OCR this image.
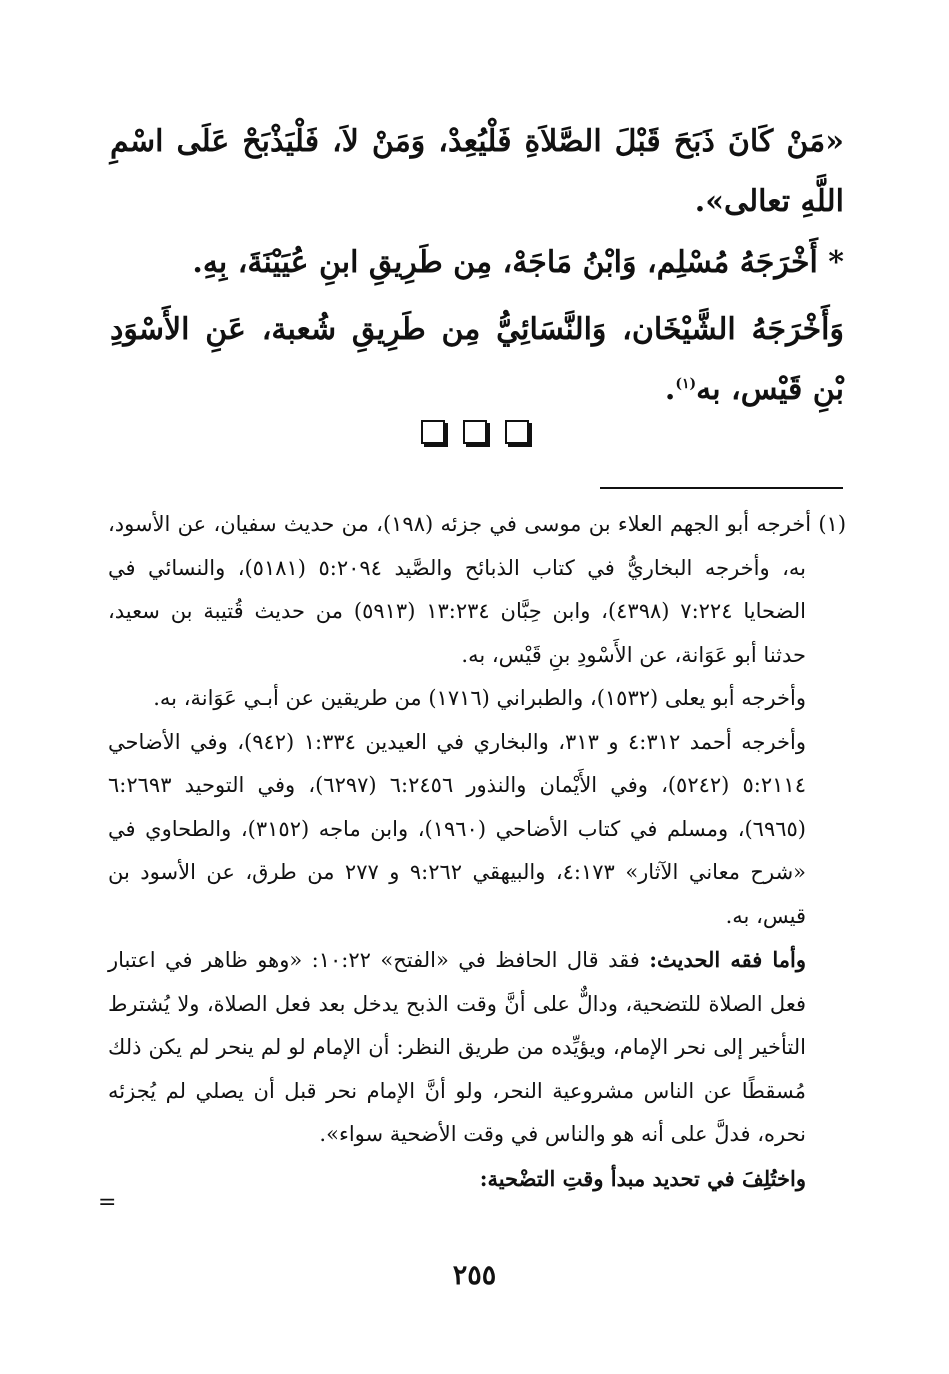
«مَنْ كَانَ ذَبَحَ قَبْلَ الصَّلاَةِ فَلْيُعِدْ، وَمَنْ لاَ، فَلْيَذْبَحْ عَلَى اسْمِ اللَّهِ تعالى».
* أَخْرَجَهُ مُسْلِم، وَابْنُ مَاجَهْ، مِن طَرِيقِ ابنِ عُيَيْنَةَ، بِهِ.
وَأَخْرَجَهُ الشَّيْخَان، وَالنَّسَائِيُّ مِن طَرِيقِ شُعبة، عَنِ الأَسْوَدِ بْنِ قَيْس، به$^{(١)}$.

(١) أخرجه أبو الجهم العلاء بن موسى في جزئه (١٩٨)، من حديث سفيان، عن الأسود، به، وأخرجه البخاريُّ في كتاب الذبائح والصَّيد ٥:٢٠٩٤ (٥١٨١)، والنسائي في الضحايا ٧:٢٢٤ (٤٣٩٨)، وابن حِبَّان ١٣:٢٣٤ (٥٩١٣) من حديث قُتيبة بن سعيد، حدثنا أبو عَوَانة، عن الأَسْودِ بنِ قَيْس، به.

وأخرجه أبو يعلى (١٥٣٢)، والطبراني (١٧١٦) من طريقين عن أبـي عَوَانة، به.

وأخرجه أحمد ٤:٣١٢ و ٣١٣، والبخاري في العيدين ١:٣٣٤ (٩٤٢)، وفي الأضاحي ٥:٢١١٤ (٥٢٤٢)، وفي الأَيْمان والنذور ٦:٢٤٥٦ (٦٢٩٧)، وفي التوحيد ٦:٢٦٩٣ (٦٩٦٥)، ومسلم في كتاب الأضاحي (١٩٦٠)، وابن ماجه (٣١٥٢)، والطحاوي في «شرح معاني الآثار» ٤:١٧٣، والبيهقي ٩:٢٦٢ و ٢٧٧ من طرق، عن الأسود بن قيس، به.

وأما فقه الحديث: فقد قال الحافظ في «الفتح» ١٠:٢٢: «وهو ظاهر في اعتبار فعل الصلاة للتضحية، ودالٌّ على أنَّ وقت الذبح يدخل بعد فعل الصلاة، ولا يُشترط التأخير إلى نحر الإمام، ويؤيِّده من طريق النظر: أن الإمام لو لم ينحر لم يكن ذلك مُسقطًا عن الناس مشروعية النحر، ولو أنَّ الإمام نحر قبل أن يصلي لم يُجزئه نحره، فدلَّ على أنه هو والناس في وقت الأضحية سواء».

واختُلِفَ في تحديد مبدأ وقتِ التضْحية:

=
٢٥٥
